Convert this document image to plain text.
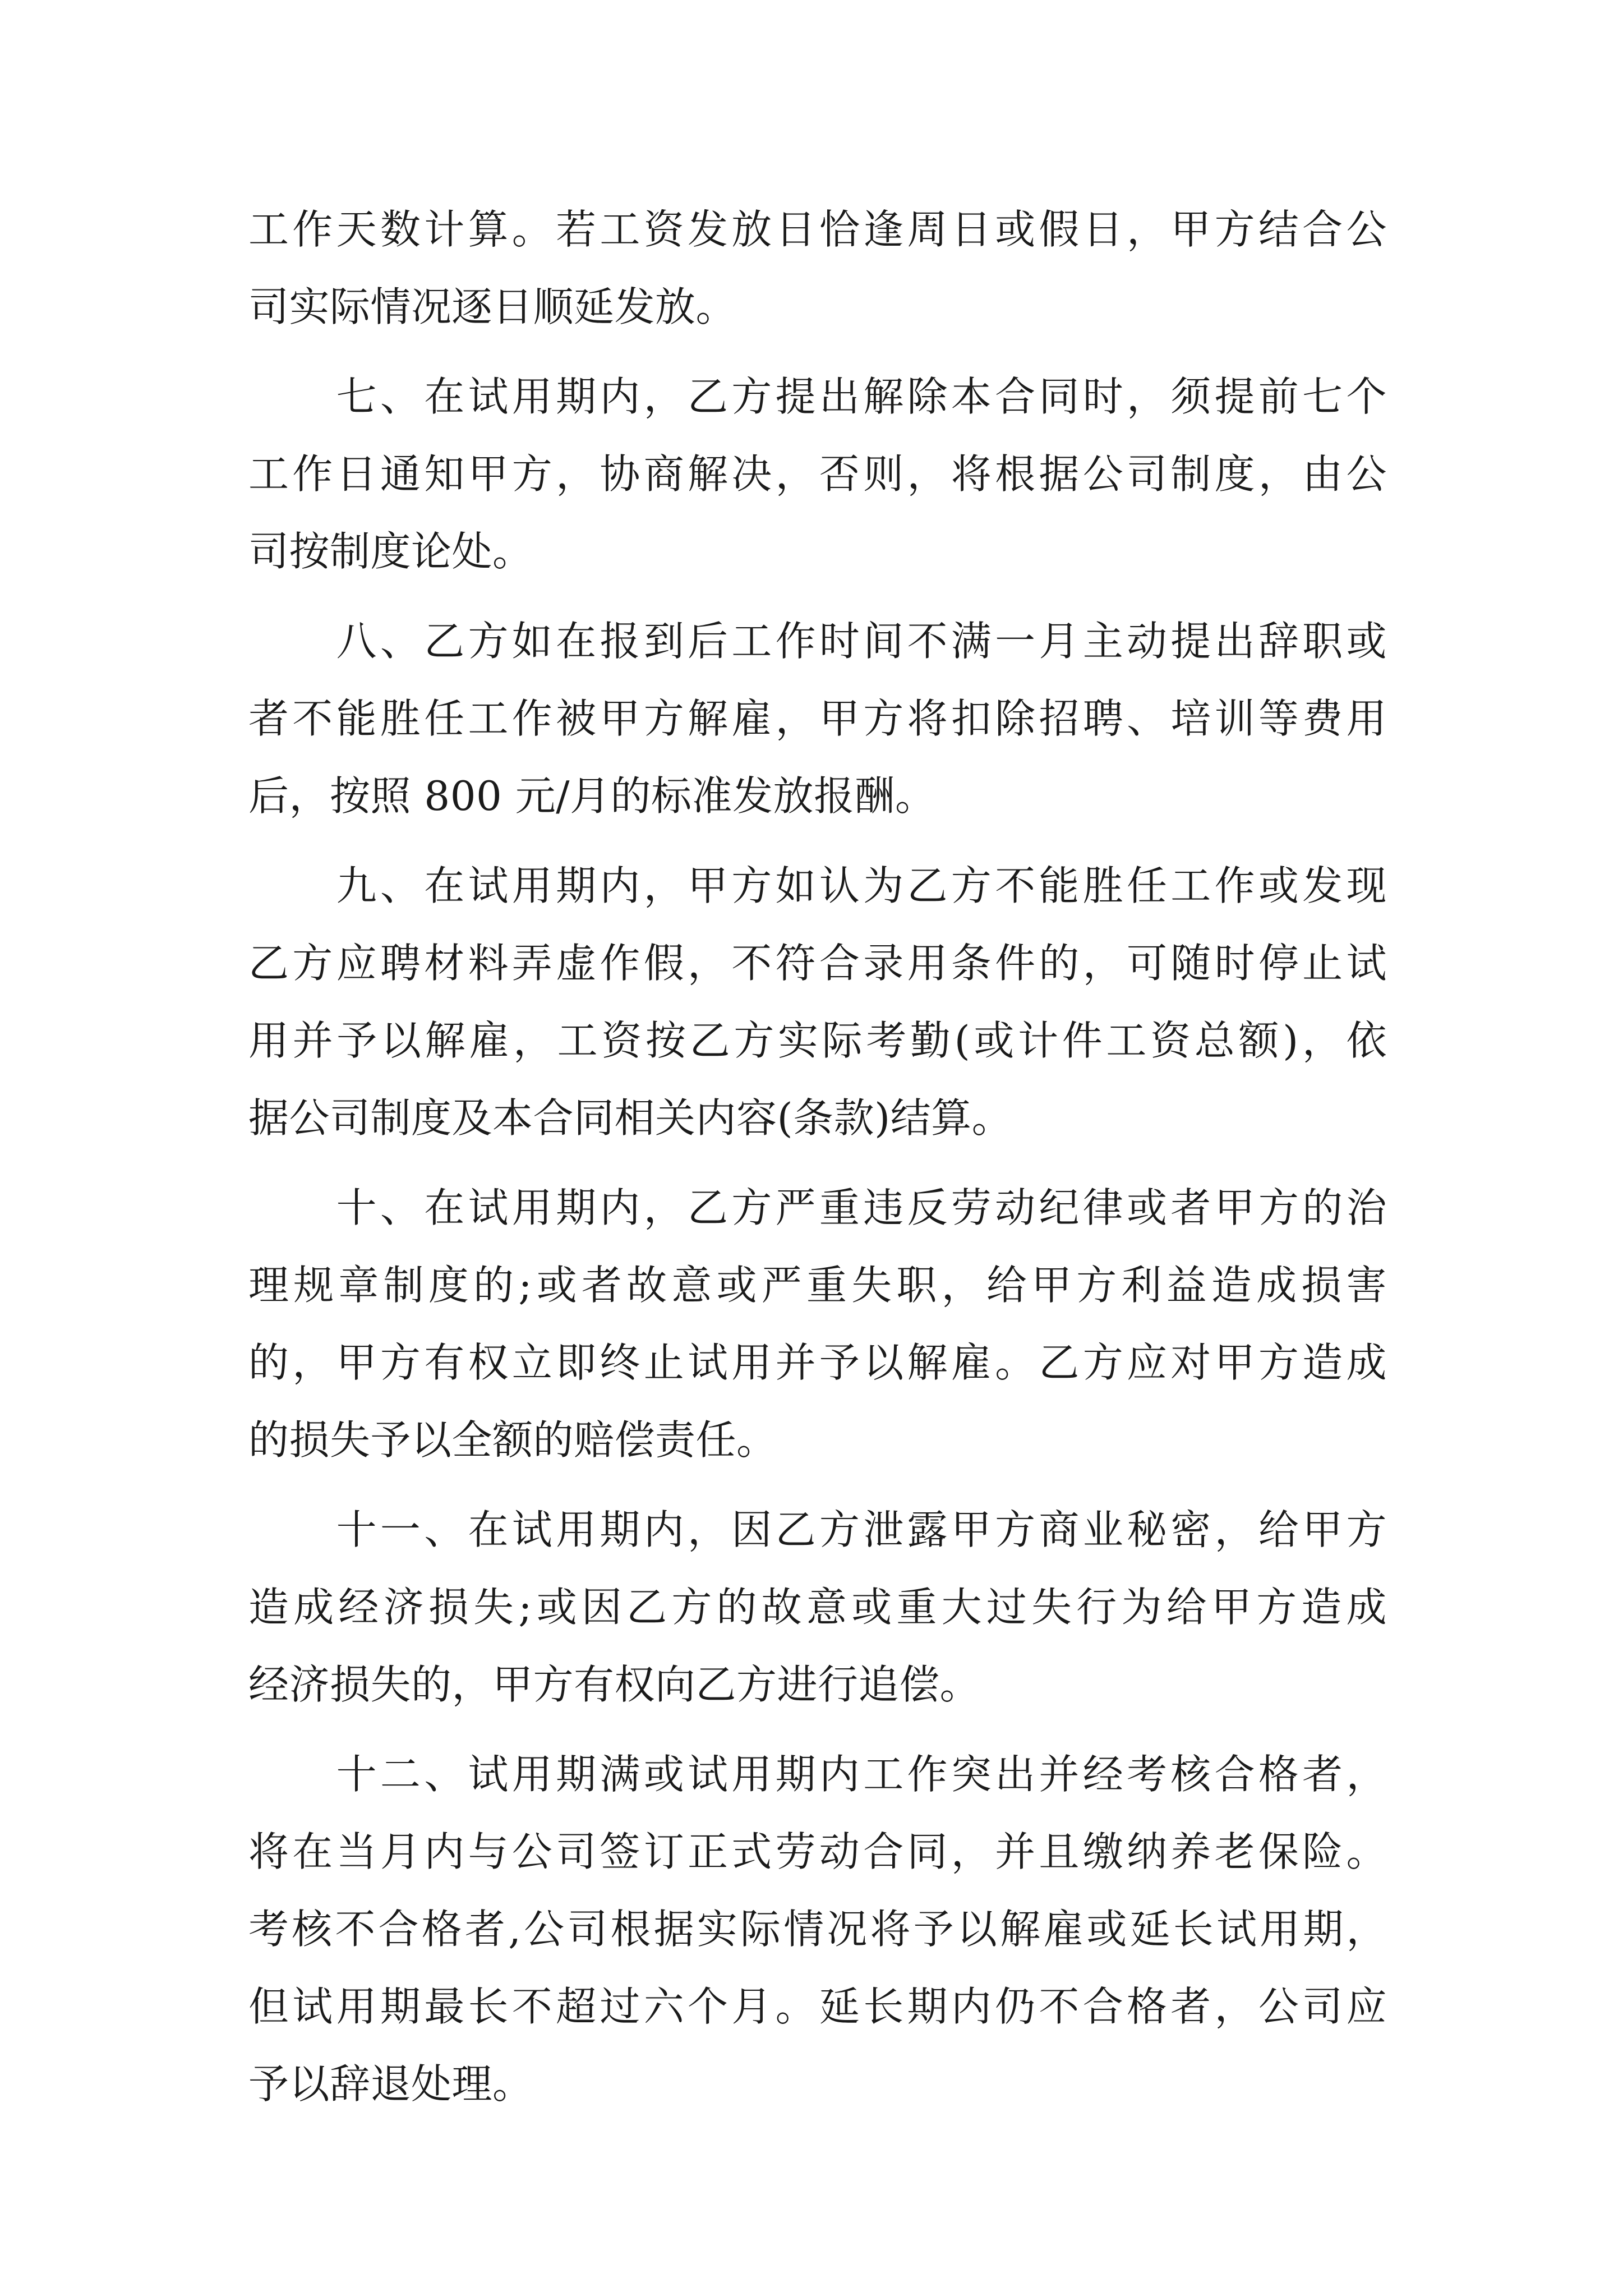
工作天数计算。若工资发放日恰逢周日或假日，甲方结合公
司实际情况逐日顺延发放。
　　七、在试用期内，乙方提出解除本合同时，须提前七个
工作日通知甲方，协商解决，否则，将根据公司制度，由公
司按制度论处。
　　八、乙方如在报到后工作时间不满一月主动提出辞职或
者不能胜任工作被甲方解雇，甲方将扣除招聘、培训等费用
后，按照 800 元/月的标准发放报酬。
　　九、在试用期内，甲方如认为乙方不能胜任工作或发现
乙方应聘材料弄虚作假，不符合录用条件的，可随时停止试
用并予以解雇，工资按乙方实际考勤(或计件工资总额)，依
据公司制度及本合同相关内容(条款)结算。
　　十、在试用期内，乙方严重违反劳动纪律或者甲方的治
理规章制度的;或者故意或严重失职，给甲方利益造成损害
的，甲方有权立即终止试用并予以解雇。乙方应对甲方造成
的损失予以全额的赔偿责任。
　　十一、在试用期内，因乙方泄露甲方商业秘密，给甲方
造成经济损失;或因乙方的故意或重大过失行为给甲方造成
经济损失的，甲方有权向乙方进行追偿。
　　十二、试用期满或试用期内工作突出并经考核合格者，
将在当月内与公司签订正式劳动合同，并且缴纳养老保险。
考核不合格者,公司根据实际情况将予以解雇或延长试用期，
但试用期最长不超过六个月。延长期内仍不合格者，公司应
予以辞退处理。
